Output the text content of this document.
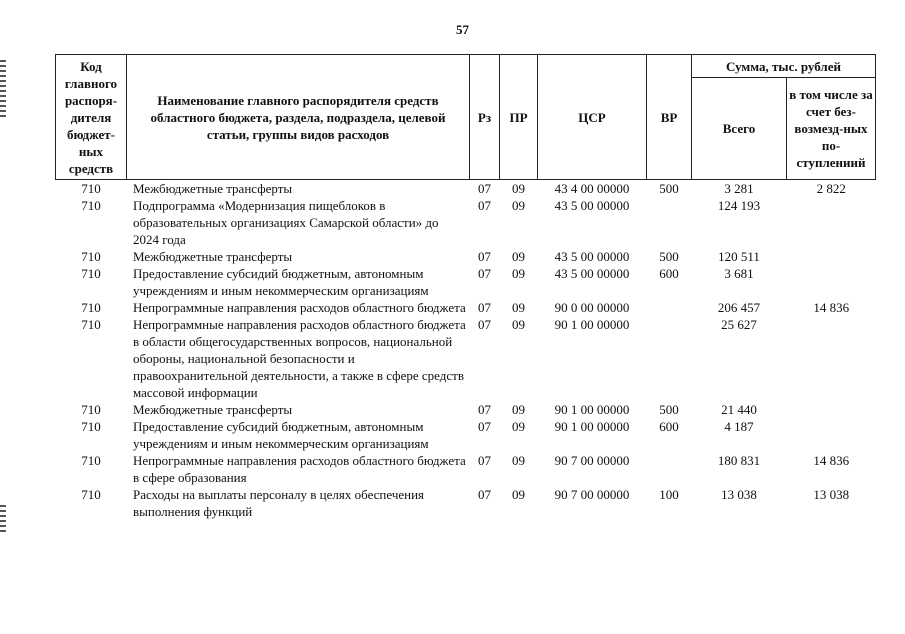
57
Код главного распоря-дителя бюджет-ных средств	Наименование главного распорядителя средств областного бюджета, раздела, подраздела, целевой статьи, группы видов расходов	Рз	ПР	ЦСР	ВР	Сумма, тыс. рублей	
						Всего	в том числе за счет без-возмезд-ных по-ступлениий
710	Межбюджетные трансферты	07	09	43 4 00 00000	500	3 281	2 822
710	Подпрограмма «Модернизация пищеблоков в образовательных организациях Самарской области» до 2024 года	07	09	43 5 00 00000		124 193	
710	Межбюджетные трансферты	07	09	43 5 00 00000	500	120 511	
710	Предоставление субсидий бюджетным, автономным учреждениям и иным некоммерческим организациям	07	09	43 5 00 00000	600	3 681	
710	Непрограммные направления расходов областного бюджета	07	09	90 0 00 00000		206 457	14 836
710	Непрограммные направления расходов областного бюджета в области общегосударственных вопросов, национальной обороны, национальной безопасности и правоохранительной деятельности, а также в сфере средств массовой информации	07	09	90 1 00 00000		25 627	
710	Межбюджетные трансферты	07	09	90 1 00 00000	500	21 440	
710	Предоставление субсидий бюджетным, автономным учреждениям и иным некоммерческим организациям	07	09	90 1 00 00000	600	4 187	
710	Непрограммные направления расходов областного бюджета в сфере образования	07	09	90 7 00 00000		180 831	14 836
710	Расходы на выплаты персоналу в целях обеспечения выполнения функций	07	09	90 7 00 00000	100	13 038	13 038
